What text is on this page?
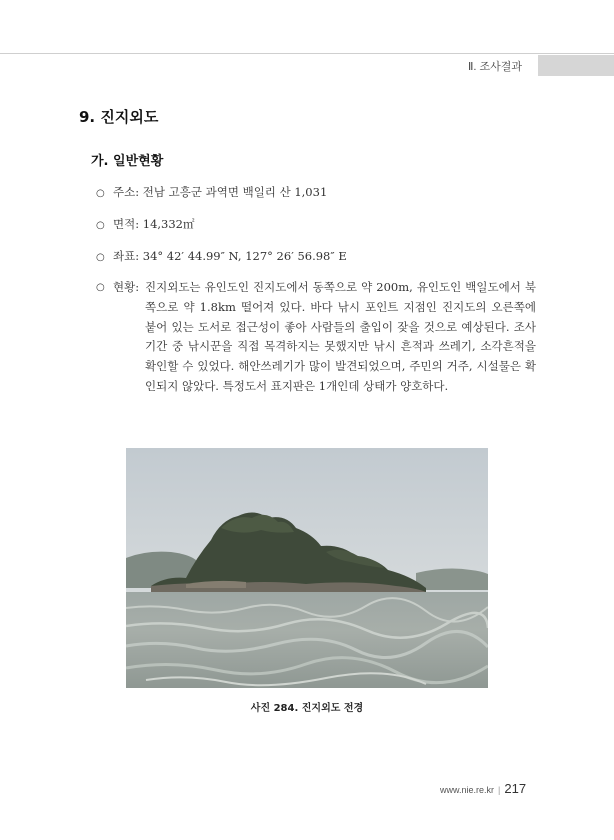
Ⅱ. 조사결과
9. 진지외도
가. 일반현황
○ 주소: 전남 고흥군 과역면 백일리 산 1,031
○ 면적: 14,332㎡
○ 좌표: 34° 42′ 44.99″ N, 127° 26′ 56.98″ E
○ 현황: 진지외도는 유인도인 진지도에서 동쪽으로 약 200m, 유인도인 백일도에서 북쪽으로 약 1.8km 떨어져 있다. 바다 낚시 포인트 지점인 진지도의 오른쪽에 붙어 있는 도서로 접근성이 좋아 사람들의 출입이 잦을 것으로 예상된다. 조사기간 중 낚시꾼을 직접 목격하지는 못했지만 낚시 흔적과 쓰레기, 소각흔적을 확인할 수 있었다. 해안쓰레기가 많이 발견되었으며, 주민의 거주, 시설물은 확인되지 않았다. 특정도서 표지판은 1개인데 상태가 양호하다.
사진 284. 진지외도 전경
www.nie.re.kr | 217
